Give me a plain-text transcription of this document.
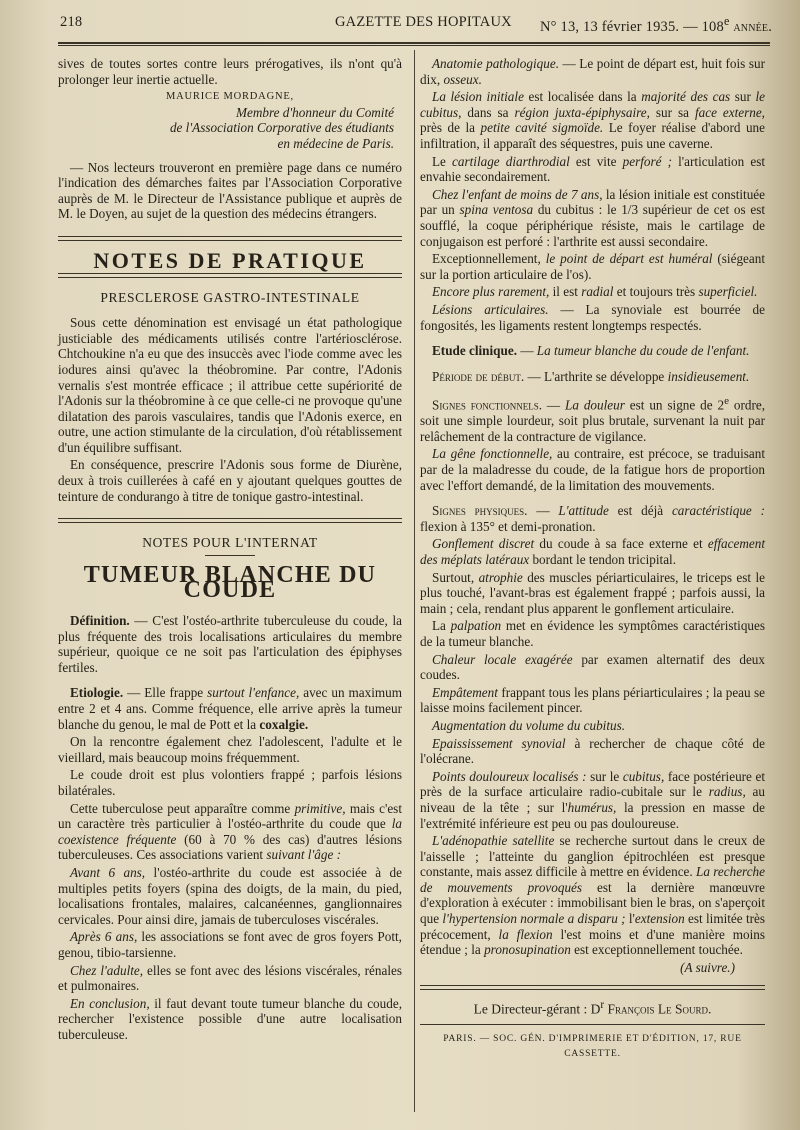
218	GAZETTE DES HOPITAUX N° 13, 13 février 1935. — 108e année.

sives de toutes sortes contre leurs prérogatives, ils n'ont qu'à prolonger leur inertie actuelle.

MAURICE MORDAGNE,
Membre d'honneur du Comité
de l'Association Corporative des étudiants
en médecine de Paris.

— Nos lecteurs trouveront en première page dans ce numéro l'indication des démarches faites par l'Association Corporative auprès de M. le Directeur de l'Assistance publique et auprès de M. le Doyen, au sujet de la question des médecins étrangers.

NOTES DE PRATIQUE
PRESCLEROSE GASTRO-INTESTINALE

Sous cette dénomination est envisagé un état pathologique justiciable des médicaments utilisés contre l'artériosclérose. Chtchoukine n'a eu que des insuccès avec l'iode comme avec les iodures ainsi qu'avec la théobromine. Par contre, l'Adonis vernalis s'est montrée efficace ; il attribue cette supériorité de l'Adonis sur la théobromine à ce que celle-ci ne provoque qu'une dilatation des parois vasculaires, tandis que l'Adonis exerce, en outre, une action stimulante de la circulation, d'où rétablissement d'un équilibre suffisant.

En conséquence, prescrire l'Adonis sous forme de Diurène, deux à trois cuillerées à café en y ajoutant quelques gouttes de teinture de condurango à titre de tonique gastro-intestinal.

NOTES POUR L'INTERNAT
TUMEUR BLANCHE DU COUDE

Définition. — C'est l'ostéo-arthrite tuberculeuse du coude, la plus fréquente des trois localisations articulaires du membre supérieur, quoique ce ne soit pas l'articulation des épiphyses fertiles.

Etiologie. — Elle frappe surtout l'enfance, avec un maximum entre 2 et 4 ans. Comme fréquence, elle arrive après la tumeur blanche du genou, le mal de Pott et la coxalgie.

On la rencontre également chez l'adolescent, l'adulte et le vieillard, mais beaucoup moins fréquemment.

Le coude droit est plus volontiers frappé ; parfois lésions bilatérales.

Cette tuberculose peut apparaître comme primitive, mais c'est un caractère très particulier à l'ostéo-arthrite du coude que la coexistence fréquente (60 à 70 % des cas) d'autres lésions tuberculeuses. Ces associations varient suivant l'âge :

Avant 6 ans, l'ostéo-arthrite du coude est associée à de multiples petits foyers (spina des doigts, de la main, du pied, localisations frontales, malaires, calcanéennes, ganglionnaires cervicales. Pour ainsi dire, jamais de tuberculoses viscérales.

Après 6 ans, les associations se font avec de gros foyers Pott, genou, tibio-tarsienne.

Chez l'adulte, elles se font avec des lésions viscérales, rénales et pulmonaires.

En conclusion, il faut devant toute tumeur blanche du coude, rechercher l'existence possible d'une autre localisation tuberculeuse.

Anatomie pathologique. — Le point de départ est, huit fois sur dix, osseux.

La lésion initiale est localisée dans la majorité des cas sur le cubitus, dans sa région juxta-épiphysaire, sur sa face externe, près de la petite cavité sigmoïde. Le foyer réalise d'abord une infiltration, il apparaît des séquestres, puis une caverne.

Le cartilage diarthrodial est vite perforé ; l'articulation est envahie secondairement.

Chez l'enfant de moins de 7 ans, la lésion initiale est constituée par un spina ventosa du cubitus : le 1/3 supérieur de cet os est soufflé, la coque périphérique résiste, mais le cartilage de conjugaison est perforé : l'arthrite est aussi secondaire.

Exceptionnellement, le point de départ est huméral (siégeant sur la portion articulaire de l'os).

Encore plus rarement, il est radial et toujours très superficiel.

Lésions articulaires. — La synoviale est bourrée de fongosités, les ligaments restent longtemps respectés.

Etude clinique. — La tumeur blanche du coude de l'enfant.

Période de début. — L'arthrite se développe insidieusement.

Signes fonctionnels. — La douleur est un signe de 2e ordre, soit une simple lourdeur, soit plus brutale, survenant la nuit par relâchement de la contracture de vigilance.

La gêne fonctionnelle, au contraire, est précoce, se traduisant par de la maladresse du coude, de la fatigue hors de proportion avec l'effort demandé, de la limitation des mouvements.

Signes physiques. — L'attitude est déjà caractéristique : flexion à 135° et demi-pronation.

Gonflement discret du coude à sa face externe et effacement des méplats latéraux bordant le tendon tricipital.

Surtout, atrophie des muscles périarticulaires, le triceps est le plus touché, l'avant-bras est également frappé ; parfois aussi, la main ; cela, rendant plus apparent le gonflement articulaire.

La palpation met en évidence les symptômes caractéristiques de la tumeur blanche.

Chaleur locale exagérée par examen alternatif des deux coudes.

Empâtement frappant tous les plans périarticulaires ; la peau se laisse moins facilement pincer.

Augmentation du volume du cubitus.

Epaississement synovial à rechercher de chaque côté de l'olécrane.

Points douloureux localisés : sur le cubitus, face postérieure et près de la surface articulaire radio-cubitale sur le radius, au niveau de la tête ; sur l'humérus, la pression en masse de l'extrémité inférieure est peu ou pas douloureuse.

L'adénopathie satellite se recherche surtout dans le creux de l'aisselle ; l'atteinte du ganglion épitrochléen est presque constante, mais assez difficile à mettre en évidence. La recherche de mouvements provoqués est la dernière manœuvre d'exploration à exécuter : immobilisant bien le bras, on s'aperçoit que l'hypertension normale a disparu ; l'extension est limitée très précocement, la flexion l'est moins et d'une manière moins étendue ; la pronosupination est exceptionnellement touchée.

(A suivre.)
Le Directeur-gérant : $D^r$ François Le Sourd.
PARIS. — SOC. GÉN. D'IMPRIMERIE ET D'ÉDITION, 17, RUE CASSETTE.
